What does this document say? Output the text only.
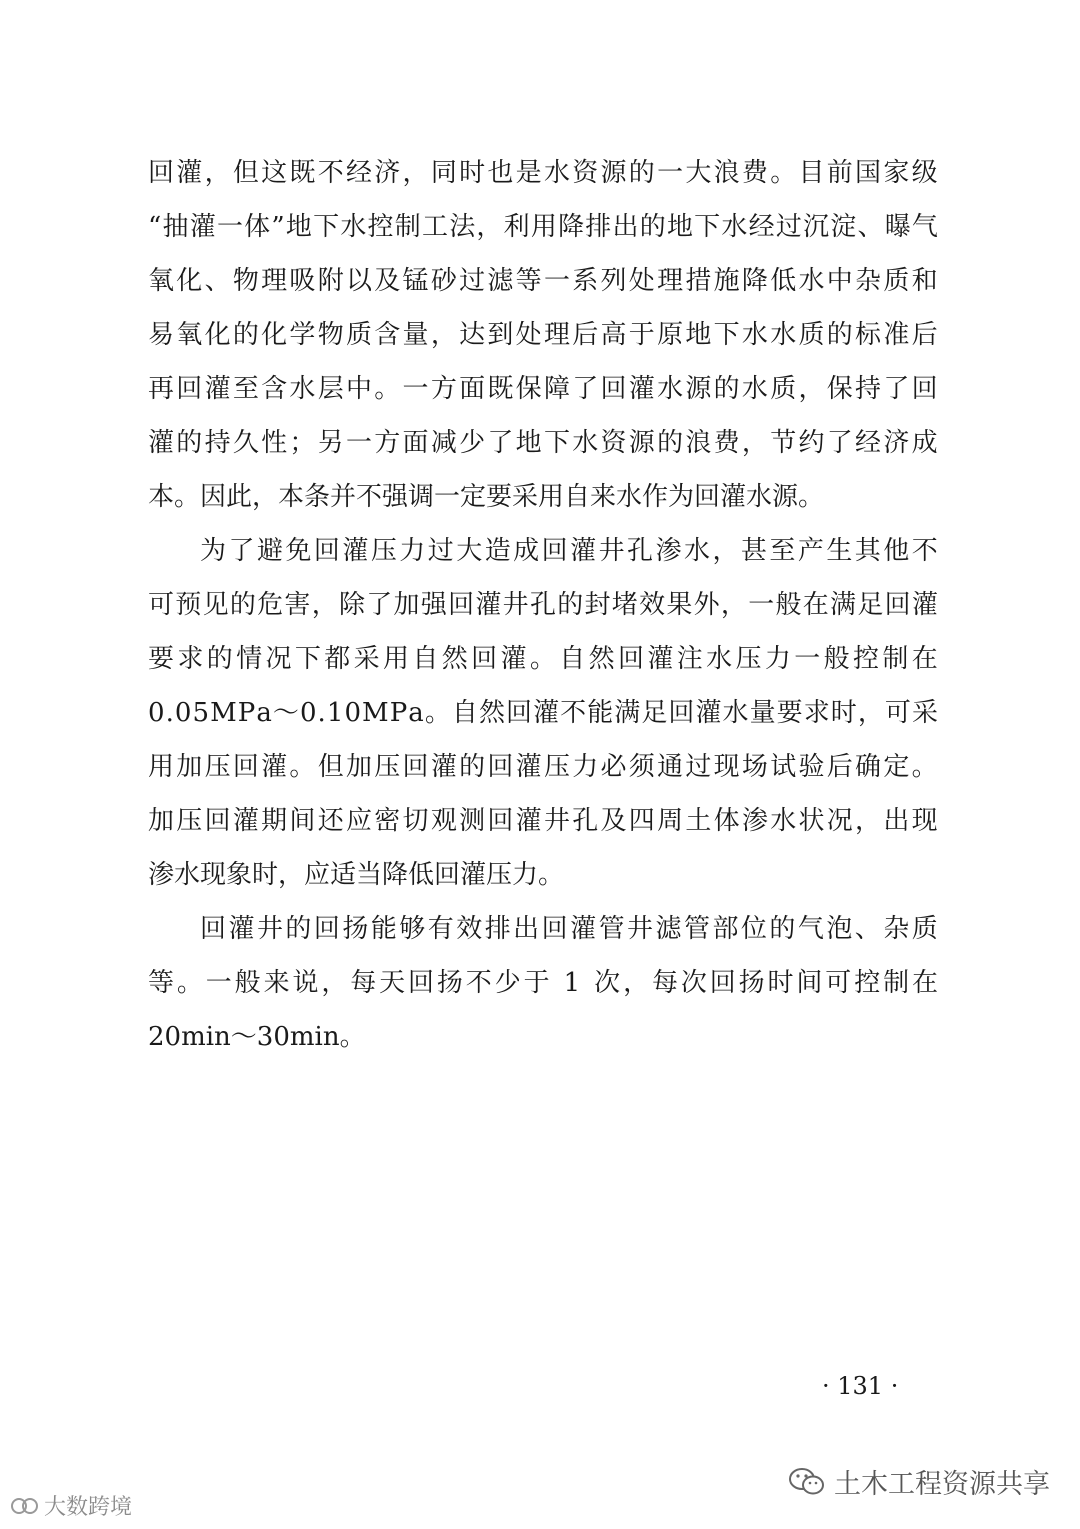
回 灌 ， 但 这 既 不 经 济 ， 同 时 也 是 水 资 源 的 一 大 浪 费 。 目 前 国 家 级
“ 抽 灌 一 体 ” 地 下 水 控 制 工 法 ， 利 用 降 排 出 的 地 下 水 经 过 沉 淀 、 曝 气
氧 化 、 物 理 吸 附 以 及 锰 砂 过 滤 等 一 系 列 处 理 措 施 降 低 水 中 杂 质 和
易 氧 化 的 化 学 物 质 含 量 ， 达 到 处 理 后 高 于 原 地 下 水 水 质 的 标 准 后
再 回 灌 至 含 水 层 中 。 一 方 面 既 保 障 了 回 灌 水 源 的 水 质 ， 保 持 了 回
灌 的 持 久 性 ； 另 一 方 面 减 少 了 地 下 水 资 源 的 浪 费 ， 节 约 了 经 济 成
本。因此，本条并不强调一定要采用自来水作为回灌水源。
为 了 避 免 回 灌 压 力 过 大 造 成 回 灌 井 孔 渗 水 ， 甚 至 产 生 其 他 不
可 预 见 的 危 害 ， 除 了 加 强 回 灌 井 孔 的 封 堵 效 果 外 ， 一 般 在 满 足 回 灌
要 求 的 情 况 下 都 采 用 自 然 回 灌 。 自 然 回 灌 注 水 压 力 一 般 控 制 在
0 . 0 5 M P a ～ 0 . 1 0 M P a 。 自 然 回 灌 不 能 满 足 回 灌 水 量 要 求 时 ， 可 采
用 加 压 回 灌 。 但 加 压 回 灌 的 回 灌 压 力 必 须 通 过 现 场 试 验 后 确 定 。
加 压 回 灌 期 间 还 应 密 切 观 测 回 灌 井 孔 及 四 周 土 体 渗 水 状 况 ， 出 现
渗水现象时，应适当降低回灌压力。
回 灌 井 的 回 扬 能 够 有 效 排 出 回 灌 管 井 滤 管 部 位 的 气 泡 、 杂 质
等 。 一 般 来 说 ， 每 天 回 扬 不 少 于
1
次 ， 每 次 回 扬 时 间 可 控 制 在
20min～30min。
· 131 ·
土木工程资源共享
大数跨境
